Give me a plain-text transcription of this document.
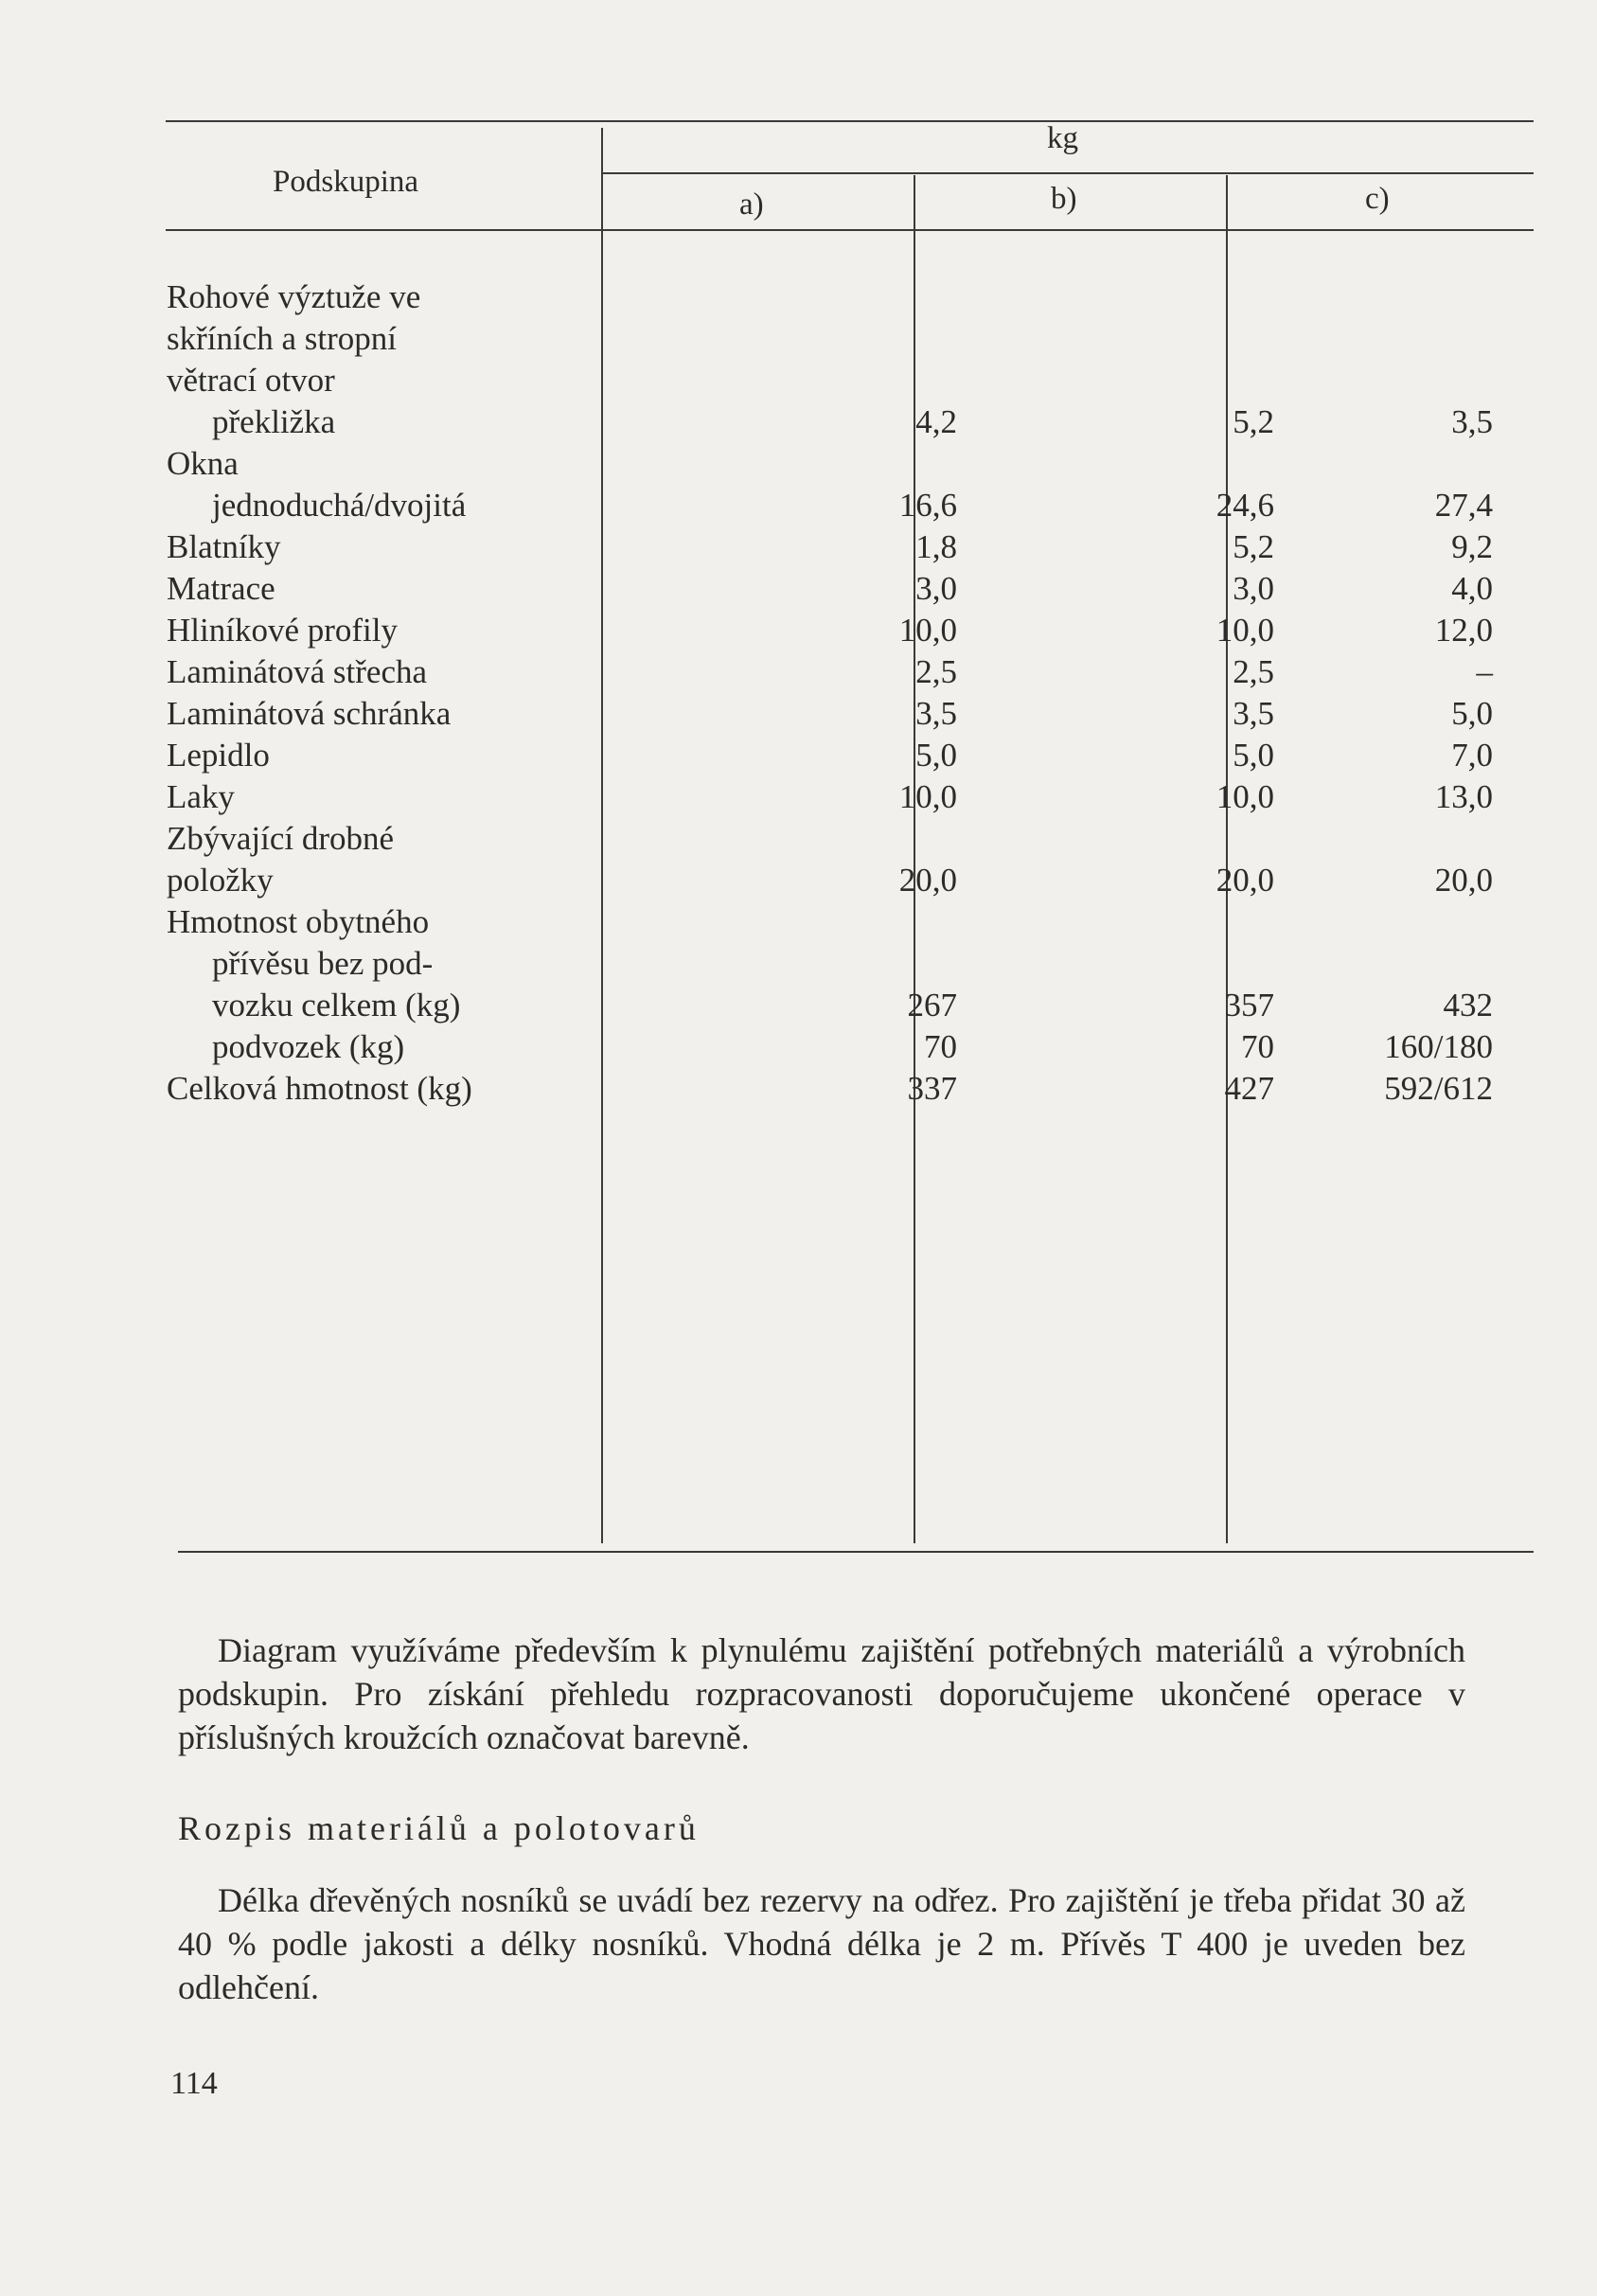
Podskupina
kg
a)	b)	c)
Rohové výztuže ve
skříních a stropní
větrací otvor
překližka	4,2	5,2	3,5
Okna
jednoduchá/dvojitá	16,6	24,6	27,4
Blatníky	1,8	5,2	9,2
Matrace	3,0	3,0	4,0
Hliníkové profily	10,0	10,0	12,0
Laminátová střecha	2,5	2,5	–
Laminátová schránka	3,5	3,5	5,0
Lepidlo	5,0	5,0	7,0
Laky	10,0	10,0	13,0
Zbývající drobné
položky	20,0	20,0	20,0
Hmotnost obytného
přívěsu bez pod-
vozku celkem (kg)	267	357	432
podvozek (kg)	70	70	160/180
Celková hmotnost (kg)	337	427	592/612
Diagram využíváme především k plynulému zajištění potřebných materiálů a výrobních podskupin. Pro získání přehledu rozpracovanosti doporučujeme ukončené operace v příslušných kroužcích označovat barevně.
Rozpis materiálů a polotovarů
Délka dřevěných nosníků se uvádí bez rezervy na odřez. Pro zajištění je třeba přidat 30 až 40 % podle jakosti a délky nosníků. Vhodná délka je 2 m. Přívěs T 400 je uveden bez odlehčení.
114
